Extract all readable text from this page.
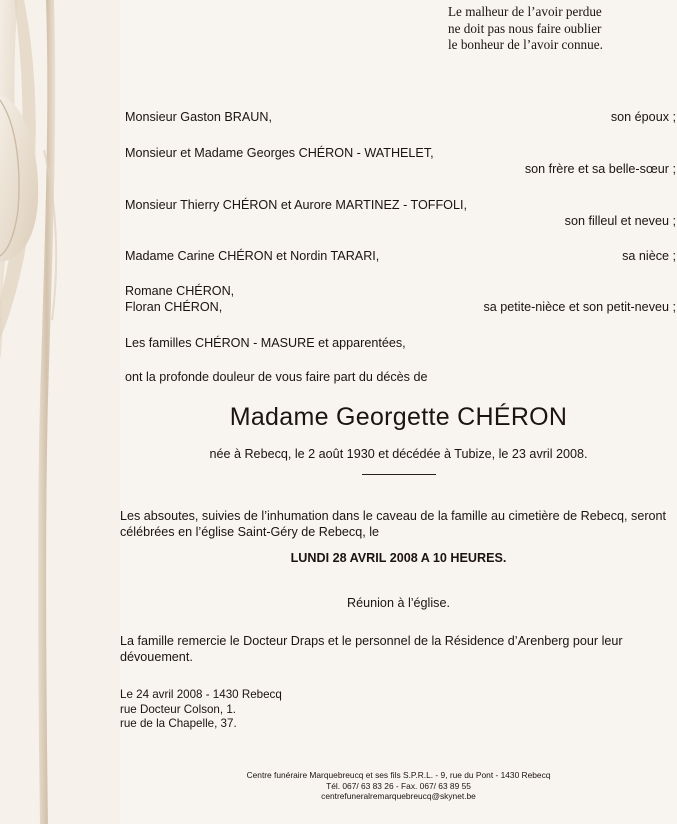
Le malheur de l’avoir perdue
ne doit pas nous faire oublier
le bonheur de l’avoir connue.
Monsieur Gaston BRAUN,	son époux ;
Monsieur et Madame Georges CHÉRON - WATHELET,
son frère et sa belle-sœur ;
Monsieur Thierry CHÉRON et Aurore MARTINEZ - TOFFOLI,
son filleul et neveu ;
Madame Carine CHÉRON et Nordin TARARI,	sa nièce ;
Romane CHÉRON,
Floran CHÉRON,	sa petite-nièce et son petit-neveu ;
Les familles CHÉRON - MASURE et apparentées,
ont la profonde douleur de vous faire part du décès de
Madame Georgette CHÉRON
née à Rebecq, le 2 août 1930 et décédée à Tubize, le 23 avril 2008.
Les absoutes, suivies de l’inhumation dans le caveau de la famille au cimetière de Rebecq, seront célébrées en l’église Saint-Géry de Rebecq, le
LUNDI 28 AVRIL 2008 A 10 HEURES.
Réunion à l’église.
La famille remercie le Docteur Draps et le personnel de la Résidence d’Arenberg pour leur dévouement.
Le 24 avril 2008 - 1430 Rebecq
rue Docteur Colson, 1.
rue de la Chapelle, 37.
Centre funéraire Marquebreucq et ses fils S.P.R.L. - 9, rue du Pont - 1430 Rebecq
Tél. 067/ 63 83 26 - Fax. 067/ 63 89 55
centrefuneralremarquebreucq@skynet.be
